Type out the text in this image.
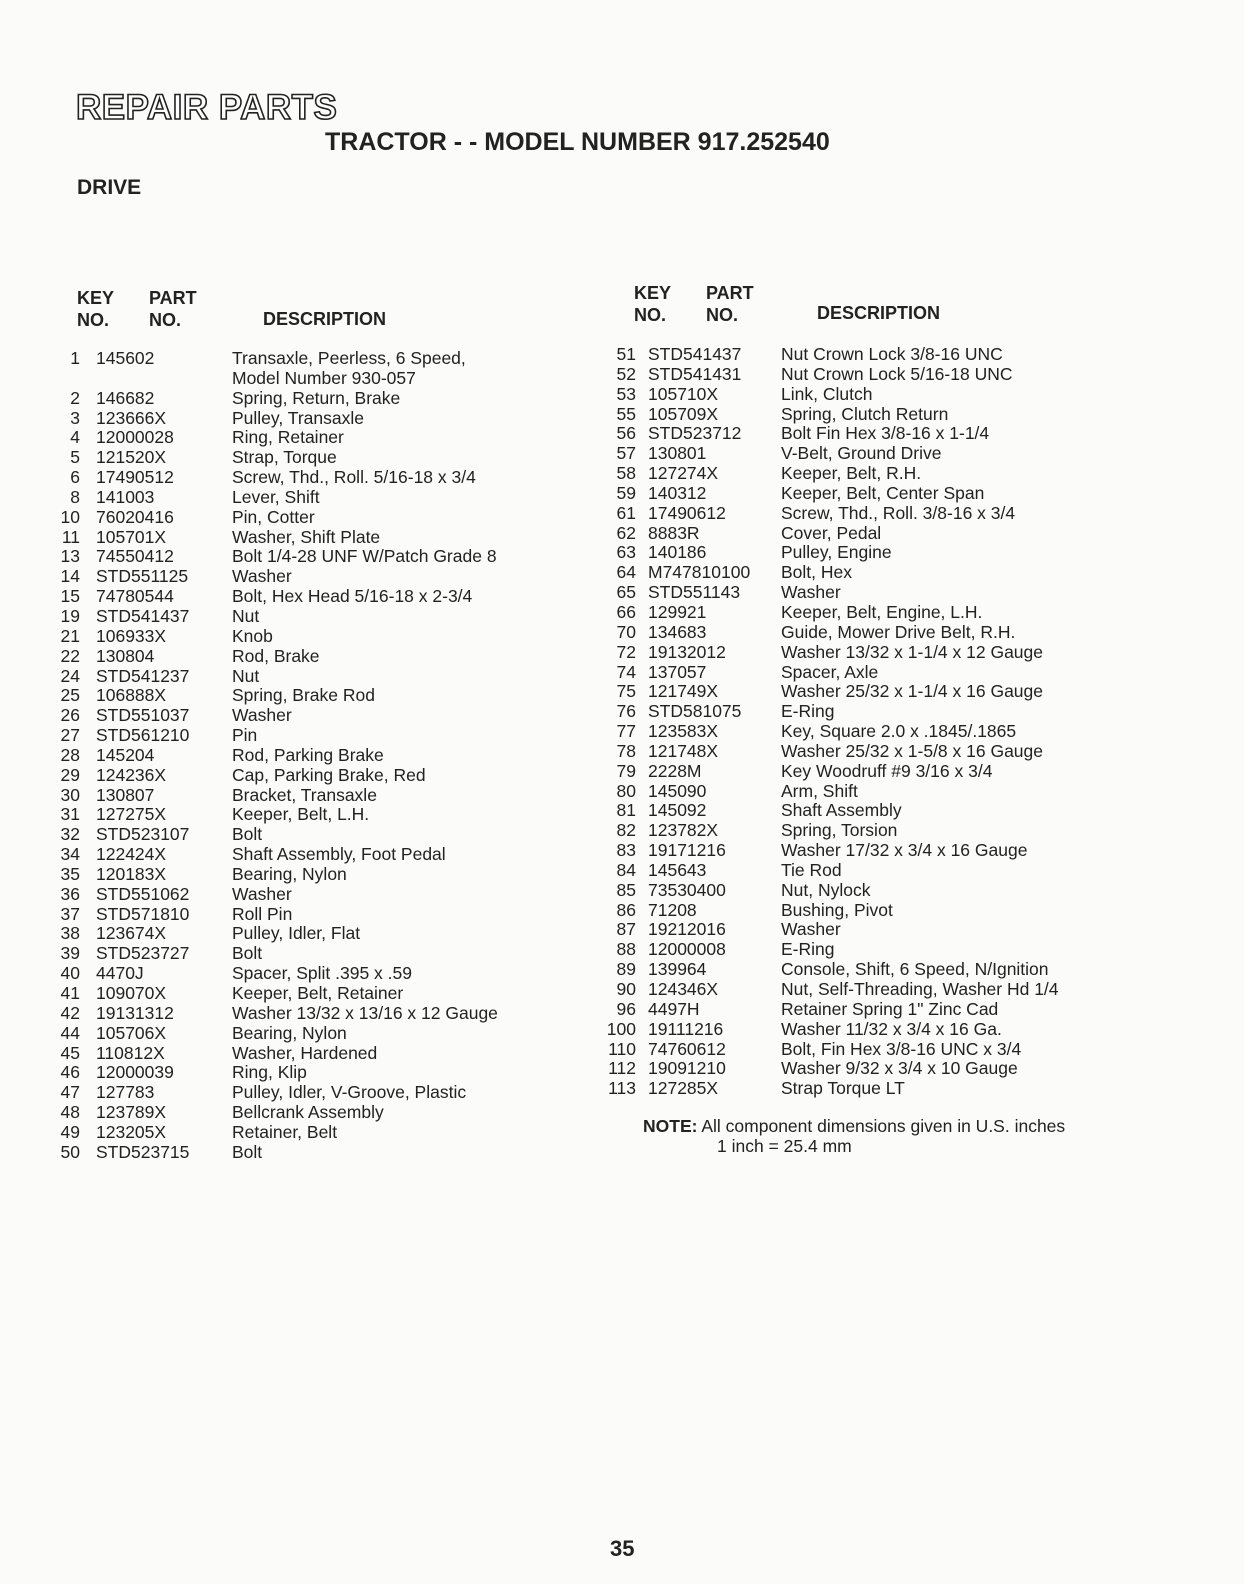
REPAIR PARTS
TRACTOR - - MODEL NUMBER 917.252540
DRIVE
KEY
NO.
PART
NO.	DESCRIPTION
KEY
NO.
PART
NO.	DESCRIPTION
1 145602	Transaxle, Peerless, 6 Speed,
Model Number 930-057
2 146682	Spring, Return, Brake
3 123666X	Pulley, Transaxle
4 12000028	Ring, Retainer
5 121520X	Strap, Torque
6 17490512	Screw, Thd., Roll. 5/16-18 x 3/4
8 141003	Lever, Shift
10 76020416	Pin, Cotter
11 105701X	Washer, Shift Plate
13 74550412	Bolt 1/4-28 UNF W/Patch Grade 8
14 STD551125	Washer
15 74780544	Bolt, Hex Head 5/16-18 x 2-3/4
19 STD541437	Nut
21 106933X	Knob
22 130804	Rod, Brake
24 STD541237	Nut
25 106888X	Spring, Brake Rod
26 STD551037	Washer
27 STD561210	Pin
28 145204	Rod, Parking Brake
29 124236X	Cap, Parking Brake, Red
30 130807	Bracket, Transaxle
31 127275X	Keeper, Belt, L.H.
32 STD523107	Bolt
34 122424X	Shaft Assembly, Foot Pedal
35 120183X	Bearing, Nylon
36 STD551062	Washer
37 STD571810	Roll Pin
38 123674X	Pulley, Idler, Flat
39 STD523727	Bolt
40 4470J	Spacer, Split .395 x .59
41 109070X	Keeper, Belt, Retainer
42 19131312	Washer 13/32 x 13/16 x 12 Gauge
44 105706X	Bearing, Nylon
45 110812X	Washer, Hardened
46 12000039	Ring, Klip
47 127783	Pulley, Idler, V-Groove, Plastic
48 123789X	Bellcrank Assembly
49 123205X	Retainer, Belt
50 STD523715	Bolt
51 STD541437	Nut Crown Lock 3/8-16 UNC
52 STD541431	Nut Crown Lock 5/16-18 UNC
53 105710X	Link, Clutch
55 105709X	Spring, Clutch Return
56 STD523712	Bolt Fin Hex 3/8-16 x 1-1/4
57 130801	V-Belt, Ground Drive
58 127274X	Keeper, Belt, R.H.
59 140312	Keeper, Belt, Center Span
61 17490612	Screw, Thd., Roll. 3/8-16 x 3/4
62 8883R	Cover, Pedal
63 140186	Pulley, Engine
64 M747810100	Bolt, Hex
65 STD551143	Washer
66 129921	Keeper, Belt, Engine, L.H.
70 134683	Guide, Mower Drive Belt, R.H.
72 19132012	Washer 13/32 x 1-1/4 x 12 Gauge
74 137057	Spacer, Axle
75 121749X	Washer 25/32 x 1-1/4 x 16 Gauge
76 STD581075	E-Ring
77 123583X	Key, Square 2.0 x .1845/.1865
78 121748X	Washer 25/32 x 1-5/8 x 16 Gauge
79 2228M	Key Woodruff #9 3/16 x 3/4
80 145090	Arm, Shift
81 145092	Shaft Assembly
82 123782X	Spring, Torsion
83 19171216	Washer 17/32 x 3/4 x 16 Gauge
84 145643	Tie Rod
85 73530400	Nut, Nylock
86 71208	Bushing, Pivot
87 19212016	Washer
88 12000008	E-Ring
89 139964	Console, Shift, 6 Speed, N/Ignition
90 124346X	Nut, Self-Threading, Washer Hd 1/4
96 4497H	Retainer Spring 1" Zinc Cad
100 19111216	Washer 11/32 x 3/4 x 16 Ga.
110 74760612	Bolt, Fin Hex 3/8-16 UNC x 3/4
112 19091210	Washer 9/32 x 3/4 x 10 Gauge
113 127285X	Strap Torque LT
NOTE: All component dimensions given in U.S. inches
1 inch = 25.4 mm
35
